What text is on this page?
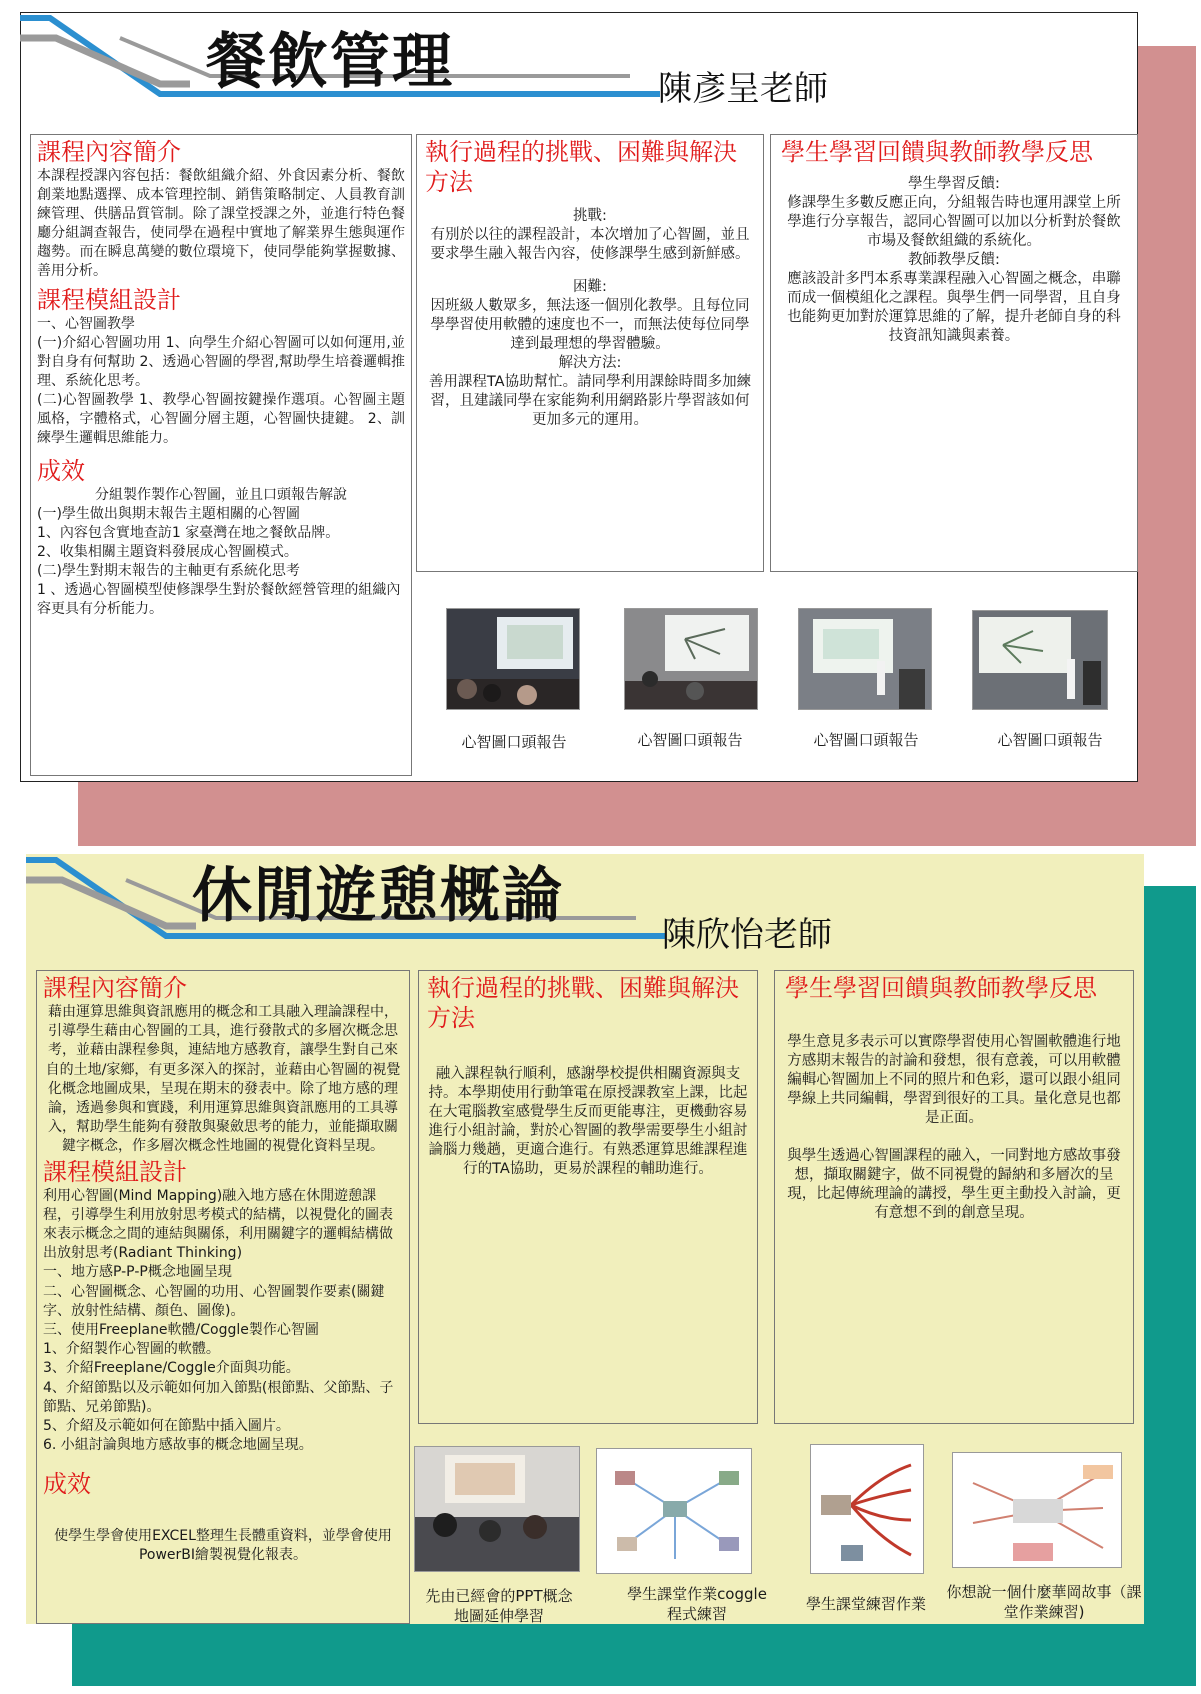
餐飲管理	陳彥呈老師
課程內容簡介

本課程授課內容包括：餐飲組織介紹、外食因素分析、餐飲創業地點選擇、成本管理控制、銷售策略制定、人員教育訓練管理、供膳品質管制。除了課堂授課之外，並進行特色餐廳分組調查報告，使同學在過程中實地了解業界生態與運作趨勢。而在瞬息萬變的數位環境下，使同學能夠掌握數據、善用分析。

課程模組設計

一、心智圖教學

(一)介紹心智圖功用 1、向學生介紹心智圖可以如何運用,並對自身有何幫助 2、透過心智圖的學習,幫助學生培養邏輯推理、系統化思考。

(二)心智圖教學 1、教學心智圖按鍵操作選項。心智圖主題風格，字體格式，心智圖分層主題，心智圖快捷鍵。 2、訓練學生邏輯思維能力。

成效

分組製作製作心智圖，並且口頭報告解說

(一)學生做出與期末報告主題相關的心智圖

1、內容包含實地查訪1 家臺灣在地之餐飲品牌。

2、收集相關主題資料發展成心智圖模式。

(二)學生對期末報告的主軸更有系統化思考

1 、透過心智圖模型使修課學生對於餐飲經營管理的組織內容更具有分析能力。

執行過程的挑戰、困難與解決方法

挑戰:

有別於以往的課程設計，本次增加了心智圖，並且要求學生融入報告內容，使修課學生感到新鮮感。

困難:

因班級人數眾多，無法逐一個別化教學。且每位同學學習使用軟體的速度也不一，而無法使每位同學達到最理想的學習體驗。

解決方法:

善用課程TA協助幫忙。請同學利用課餘時間多加練習，且建議同學在家能夠利用網路影片學習該如何更加多元的運用。

學生學習回饋與教師教學反思

學生學習反饋:

修課學生多數反應正向，分組報告時也運用課堂上所學進行分享報告，認同心智圖可以加以分析對於餐飲市場及餐飲組織的系統化。

教師教學反饋:

應該設計多門本系專業課程融入心智圖之概念，串聯而成一個模組化之課程。與學生們一同學習，且自身也能夠更加對於運算思維的了解，提升老師自身的科技資訊知識與素養。

心智圖口頭報告	心智圖口頭報告	心智圖口頭報告	心智圖口頭報告
休閒遊憩概論
陳欣怡老師
課程內容簡介

藉由運算思維與資訊應用的概念和工具融入理論課程中，引導學生藉由心智圖的工具，進行發散式的多層次概念思考，並藉由課程參與，連結地方感教育，讓學生對自己來自的土地/家鄉，有更多深入的探討，並藉由心智圖的視覺化概念地圖成果，呈現在期末的發表中。除了地方感的理論，透過參與和實踐，利用運算思維與資訊應用的工具導入，幫助學生能夠有發散與聚斂思考的能力，並能擷取關鍵字概念，作多層次概念性地圖的視覺化資料呈現。

課程模組設計

利用心智圖(Mind Mapping)融入地方感在休閒遊憩課程，引導學生利用放射思考模式的結構，以視覺化的圖表來表示概念之間的連結與關係，利用關鍵字的邏輯結構做出放射思考(Radiant Thinking)

一、地方感P-P-P概念地圖呈現

二、心智圖概念、心智圖的功用、心智圖製作要素(關鍵字、放射性結構、顏色、圖像)。

三、使用Freeplane軟體/Coggle製作心智圖

1、介紹製作心智圖的軟體。

3、介紹Freeplane/Coggle介面與功能。

4、介紹節點以及示範如何加入節點(根節點、父節點、子節點、兄弟節點)。

5、介紹及示範如何在節點中插入圖片。

6. 小組討論與地方感故事的概念地圖呈現。

成效

使學生學會使用EXCEL整理生長體重資料，並學會使用PowerBI繪製視覺化報表。

執行過程的挑戰、困難與解決方法

融入課程執行順利，感謝學校提供相關資源與支持。本學期使用行動筆電在原授課教室上課，比起在大電腦教室感覺學生反而更能專注，更機動容易進行小組討論，對於心智圖的教學需要學生小組討論腦力幾趟，更適合進行。有熟悉運算思維課程進行的TA協助，更易於課程的輔助進行。

學生學習回饋與教師教學反思

學生意見多表示可以實際學習使用心智圖軟體進行地方感期末報告的討論和發想，很有意義，可以用軟體編輯心智圖加上不同的照片和色彩，還可以跟小組同學線上共同編輯，學習到很好的工具。量化意見也都是正面。

與學生透過心智圖課程的融入，一同對地方感故事發想，擷取關鍵字，做不同視覺的歸納和多層次的呈現，比起傳統理論的講授，學生更主動投入討論，更有意想不到的創意呈現。

先由已經會的PPT概念地圖延伸學習
學生課堂作業coggle程式練習
學生課堂練習作業
你想說一個什麼華岡故事（課堂作業練習)
